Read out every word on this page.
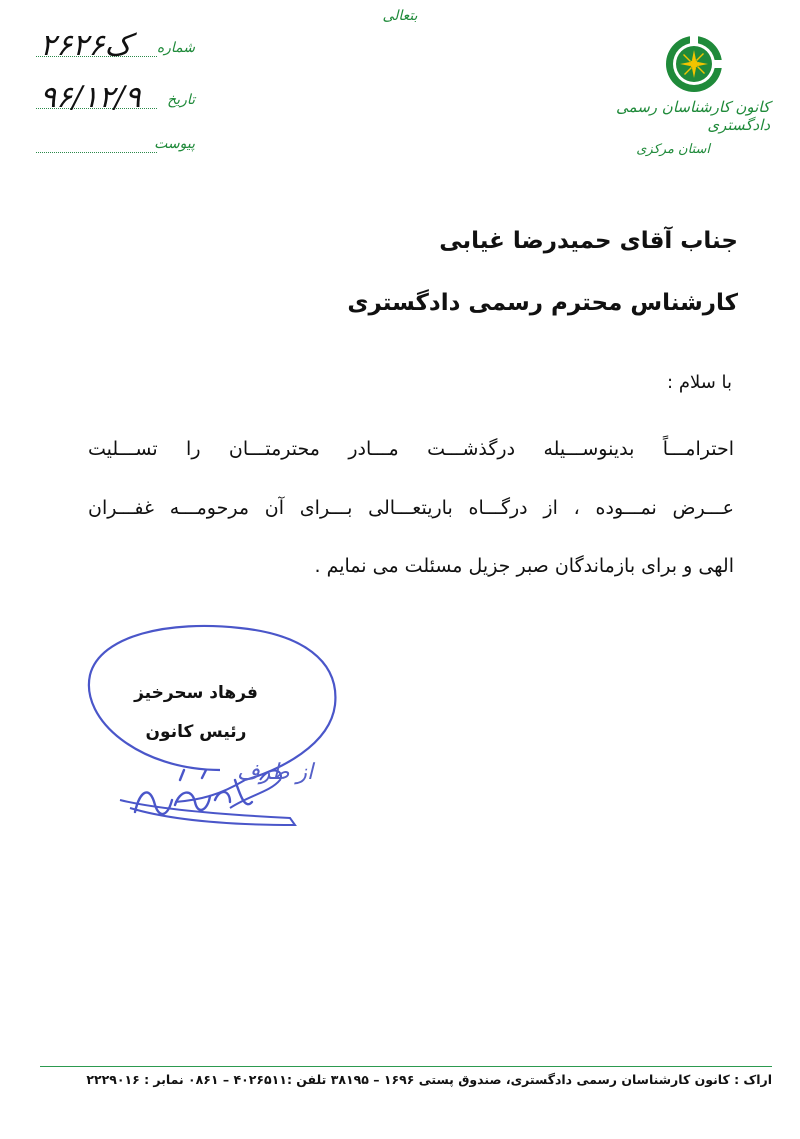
بتعالی
شماره
۲۶۲۶ک
تاریخ
۹۶/۱۲/۹
پیوست
کانون کارشناسان رسمی دادگستری
استان مرکزی
جناب آقای حمیدرضا غیابی
کارشناس محترم رسمی دادگستری
با سلام :
احترامـــاً بدینوســـیله درگذشـــت مـــادر محترمتـــان را تســـلیت
عـــرض نمـــوده ، از درگـــاه باریتعـــالی بـــرای آن مرحومـــه غفـــران
الهی و برای بازماندگان صبر جزیل مسئلت می نمایم .
فرهاد سحرخیز
رئیس کانون
از طرف
اراک : کانون کارشناسان رسمی دادگستری، صندوق پستی ۱۶۹۶ – ۳۸۱۹۵ تلفن :۴۰۲۶۵۱۱ – ۰۸۶۱ نمابر : ۲۲۲۹۰۱۶
